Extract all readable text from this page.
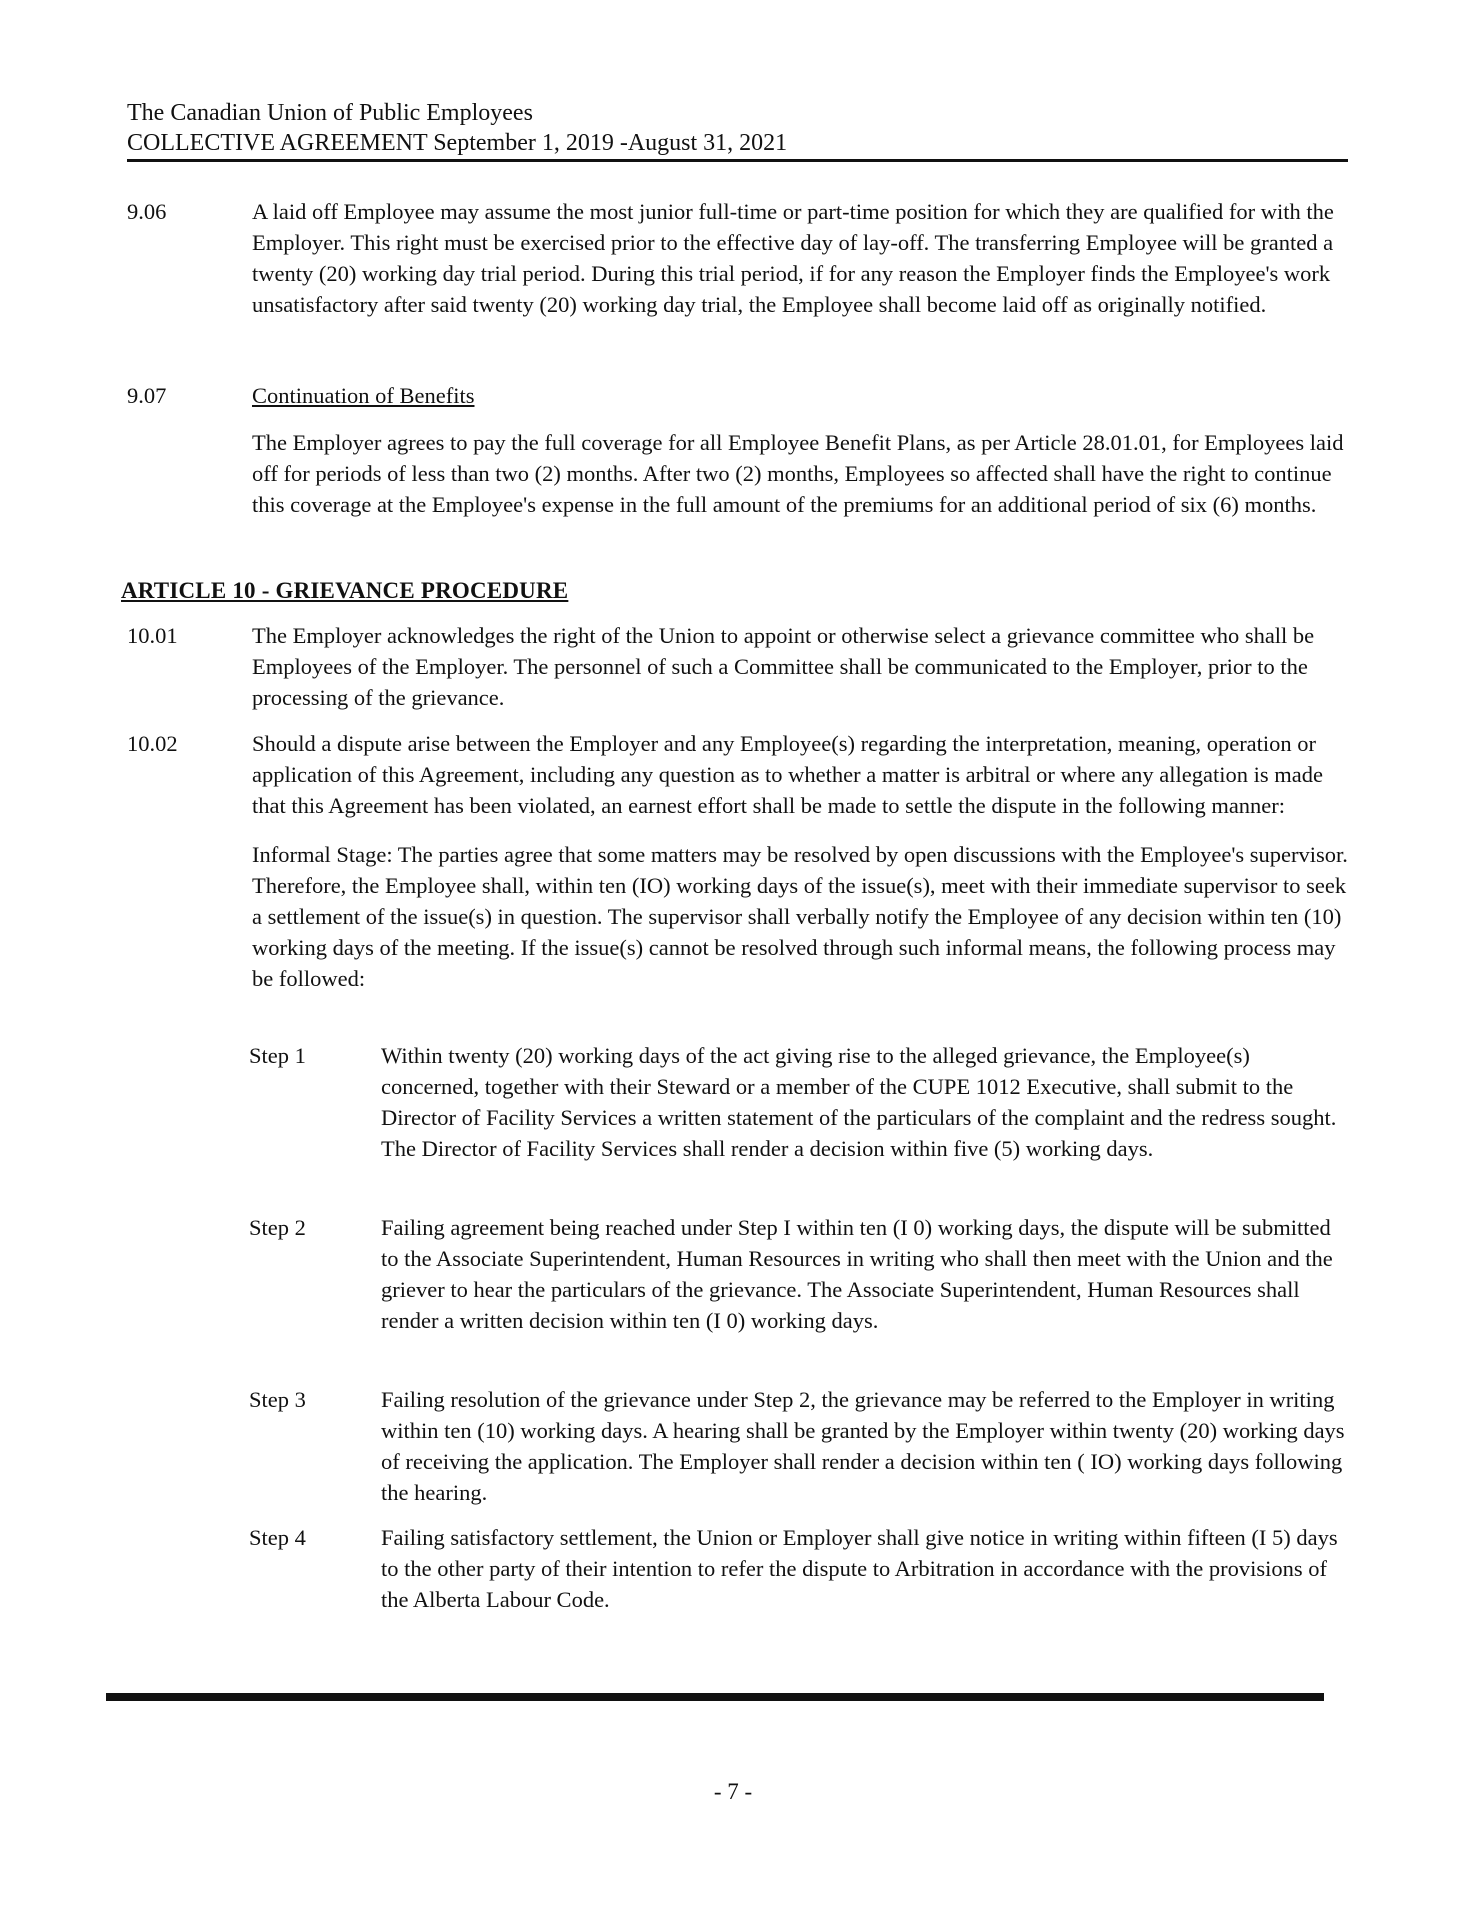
The Canadian Union of Public Employees
COLLECTIVE AGREEMENT September 1, 2019 -August 31, 2021
9.06	A laid off Employee may assume the most junior full-time or part-time position for which they are qualified for with the Employer. This right must be exercised prior to the effective day of lay-off. The transferring Employee will be granted a twenty (20) working day trial period. During this trial period, if for any reason the Employer finds the Employee's work unsatisfactory after said twenty (20) working day trial, the Employee shall become laid off as originally notified.
9.07	Continuation of Benefits
The Employer agrees to pay the full coverage for all Employee Benefit Plans, as per Article 28.01.01, for Employees laid off for periods of less than two (2) months. After two (2) months, Employees so affected shall have the right to continue this coverage at the Employee's expense in the full amount of the premiums for an additional period of six (6) months.
ARTICLE 10 - GRIEVANCE PROCEDURE
10.01	The Employer acknowledges the right of the Union to appoint or otherwise select a grievance committee who shall be Employees of the Employer. The personnel of such a Committee shall be communicated to the Employer, prior to the processing of the grievance.
10.02	Should a dispute arise between the Employer and any Employee(s) regarding the interpretation, meaning, operation or application of this Agreement, including any question as to whether a matter is arbitral or where any allegation is made that this Agreement has been violated, an earnest effort shall be made to settle the dispute in the following manner:
Informal Stage: The parties agree that some matters may be resolved by open discussions with the Employee's supervisor. Therefore, the Employee shall, within ten (IO) working days of the issue(s), meet with their immediate supervisor to seek a settlement of the issue(s) in question. The supervisor shall verbally notify the Employee of any decision within ten (10) working days of the meeting. If the issue(s) cannot be resolved through such informal means, the following process may be followed:
Step 1	Within twenty (20) working days of the act giving rise to the alleged grievance, the Employee(s) concerned, together with their Steward or a member of the CUPE 1012 Executive, shall submit to the Director of Facility Services a written statement of the particulars of the complaint and the redress sought. The Director of Facility Services shall render a decision within five (5) working days.
Step 2	Failing agreement being reached under Step I within ten (I 0) working days, the dispute will be submitted to the Associate Superintendent, Human Resources in writing who shall then meet with the Union and the griever to hear the particulars of the grievance. The Associate Superintendent, Human Resources shall render a written decision within ten (I 0) working days.
Step 3	Failing resolution of the grievance under Step 2, the grievance may be referred to the Employer in writing within ten (10) working days. A hearing shall be granted by the Employer within twenty (20) working days of receiving the application. The Employer shall render a decision within ten ( IO) working days following the hearing.
Step 4	Failing satisfactory settlement, the Union or Employer shall give notice in writing within fifteen (I 5) days to the other party of their intention to refer the dispute to Arbitration in accordance with the provisions of the Alberta Labour Code.
- 7 -
